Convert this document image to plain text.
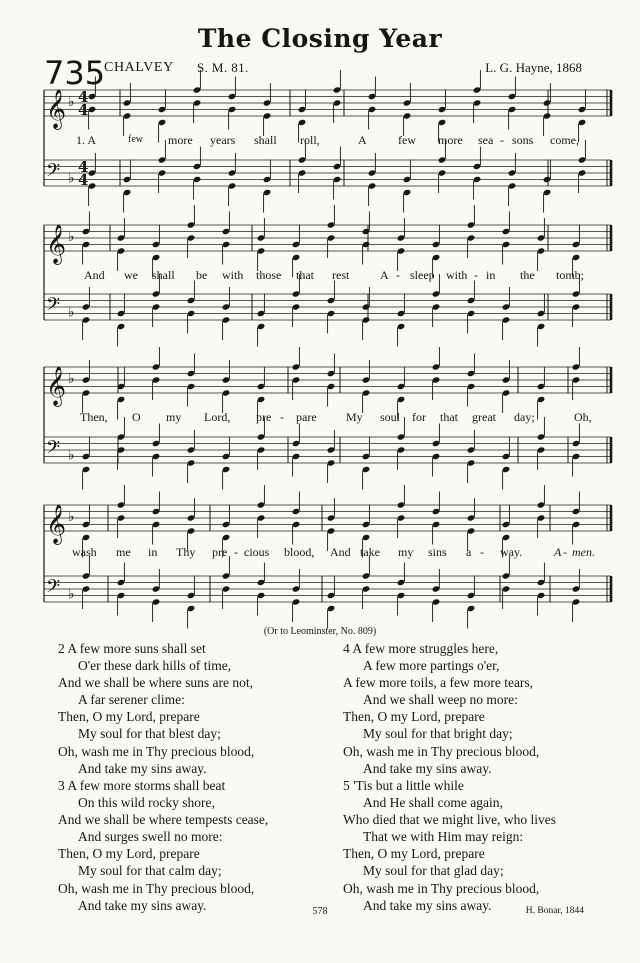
The Closing Year
735
CHALVEY S. M. 81.	L. G. Hayne, 1868
𝄞 ♭ 4
4
𝄢 ♭
4
4
𝄞 ♭
𝄢 ♭
𝄞 ♭
𝄢 ♭
𝄞 ♭
𝄢 ♭
1. A	few more years shall roll,	A	few more sea - sons come,
And we shall be with those that rest	A - sleep with - in the tomb;
Then, O my Lord, pre - pare My soul for that great day;	Oh,
wash me in Thy pre - cious blood, And take my sins a - way.	A - men.
(Or to Leominster, No. 809)
2 A few more suns shall set
O'er these dark hills of time,
And we shall be where suns are not,
A far serener clime:
Then, O my Lord, prepare
My soul for that blest day;
Oh, wash me in Thy precious blood,
And take my sins away.
3 A few more storms shall beat
On this wild rocky shore,
And we shall be where tempests cease,
And surges swell no more:
Then, O my Lord, prepare
My soul for that calm day;
Oh, wash me in Thy precious blood,
And take my sins away.
4 A few more struggles here,
A few more partings o'er,
A few more toils, a few more tears,
And we shall weep no more:
Then, O my Lord, prepare
My soul for that bright day;
Oh, wash me in Thy precious blood,
And take my sins away.
5 'Tis but a little while
And He shall come again,
Who died that we might live, who lives
That we with Him may reign:
Then, O my Lord, prepare
My soul for that glad day;
Oh, wash me in Thy precious blood,
And take my sins away.
578	H. Bonar, 1844
